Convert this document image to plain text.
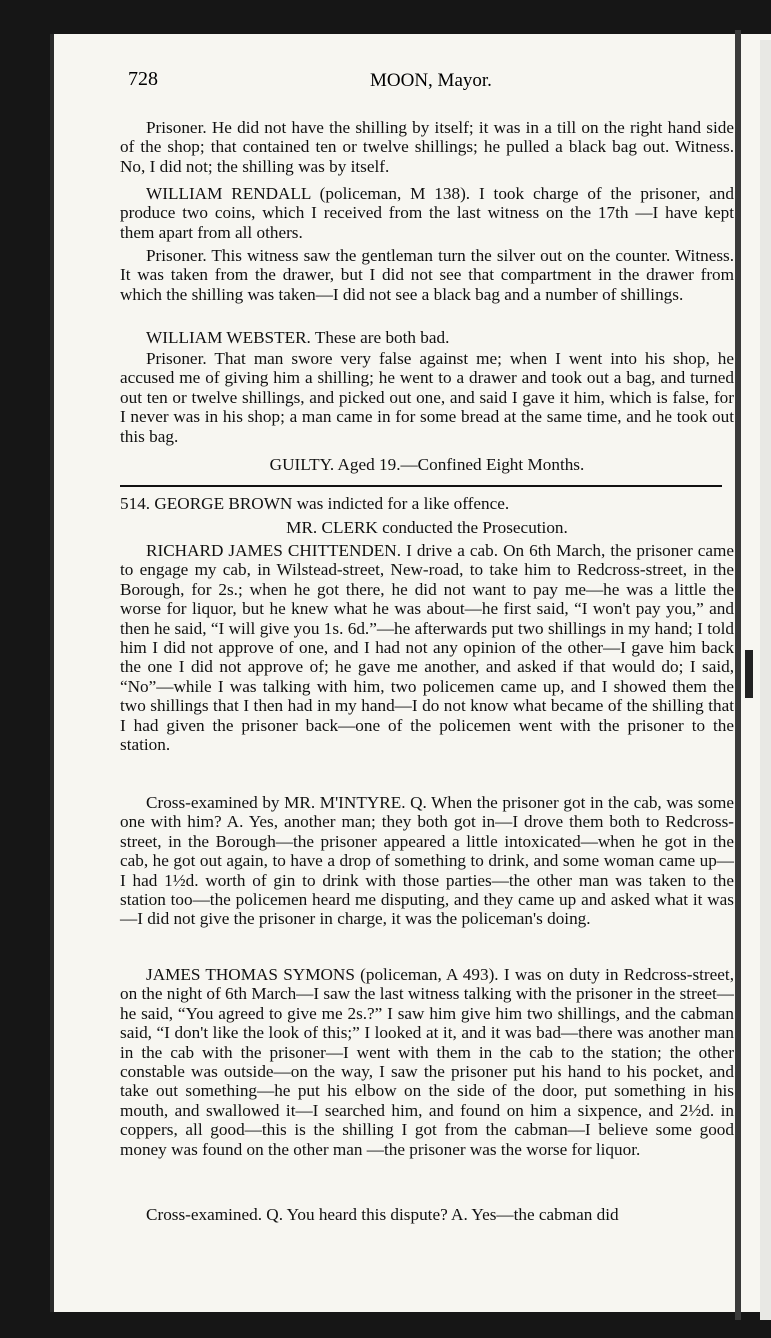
728	MOON, Mayor.
Prisoner. He did not have the shilling by itself; it was in a till on the right hand side of the shop; that contained ten or twelve shillings; he pulled a black bag out. Witness. No, I did not; the shilling was by itself.
WILLIAM RENDALL (policeman, M 138). I took charge of the prisoner, and produce two coins, which I received from the last witness on the 17th —I have kept them apart from all others.
Prisoner. This witness saw the gentleman turn the silver out on the counter. Witness. It was taken from the drawer, but I did not see that compartment in the drawer from which the shilling was taken—I did not see a black bag and a number of shillings.
WILLIAM WEBSTER. These are both bad.
Prisoner. That man swore very false against me; when I went into his shop, he accused me of giving him a shilling; he went to a drawer and took out a bag, and turned out ten or twelve shillings, and picked out one, and said I gave it him, which is false, for I never was in his shop; a man came in for some bread at the same time, and he took out this bag.
GUILTY. Aged 19.—Confined Eight Months.
514. GEORGE BROWN was indicted for a like offence.
MR. CLERK conducted the Prosecution.
RICHARD JAMES CHITTENDEN. I drive a cab. On 6th March, the prisoner came to engage my cab, in Wilstead-street, New-road, to take him to Redcross-street, in the Borough, for 2s.; when he got there, he did not want to pay me—he was a little the worse for liquor, but he knew what he was about—he first said, “I won't pay you,” and then he said, “I will give you 1s. 6d.”—he afterwards put two shillings in my hand; I told him I did not approve of one, and I had not any opinion of the other—I gave him back the one I did not approve of; he gave me another, and asked if that would do; I said, “No”—while I was talking with him, two policemen came up, and I showed them the two shillings that I then had in my hand—I do not know what became of the shilling that I had given the prisoner back—one of the policemen went with the prisoner to the station.
Cross-examined by MR. M'INTYRE. Q. When the prisoner got in the cab, was some one with him? A. Yes, another man; they both got in—I drove them both to Redcross-street, in the Borough—the prisoner appeared a little intoxicated—when he got in the cab, he got out again, to have a drop of something to drink, and some woman came up—I had 1½d. worth of gin to drink with those parties—the other man was taken to the station too—the policemen heard me disputing, and they came up and asked what it was—I did not give the prisoner in charge, it was the policeman's doing.
JAMES THOMAS SYMONS (policeman, A 493). I was on duty in Redcross-street, on the night of 6th March—I saw the last witness talking with the prisoner in the street—he said, “You agreed to give me 2s.?” I saw him give him two shillings, and the cabman said, “I don't like the look of this;” I looked at it, and it was bad—there was another man in the cab with the prisoner—I went with them in the cab to the station; the other constable was outside—on the way, I saw the prisoner put his hand to his pocket, and take out something—he put his elbow on the side of the door, put something in his mouth, and swallowed it—I searched him, and found on him a sixpence, and 2½d. in coppers, all good—this is the shilling I got from the cabman—I believe some good money was found on the other man —the prisoner was the worse for liquor.
Cross-examined. Q. You heard this dispute? A. Yes—the cabman did
